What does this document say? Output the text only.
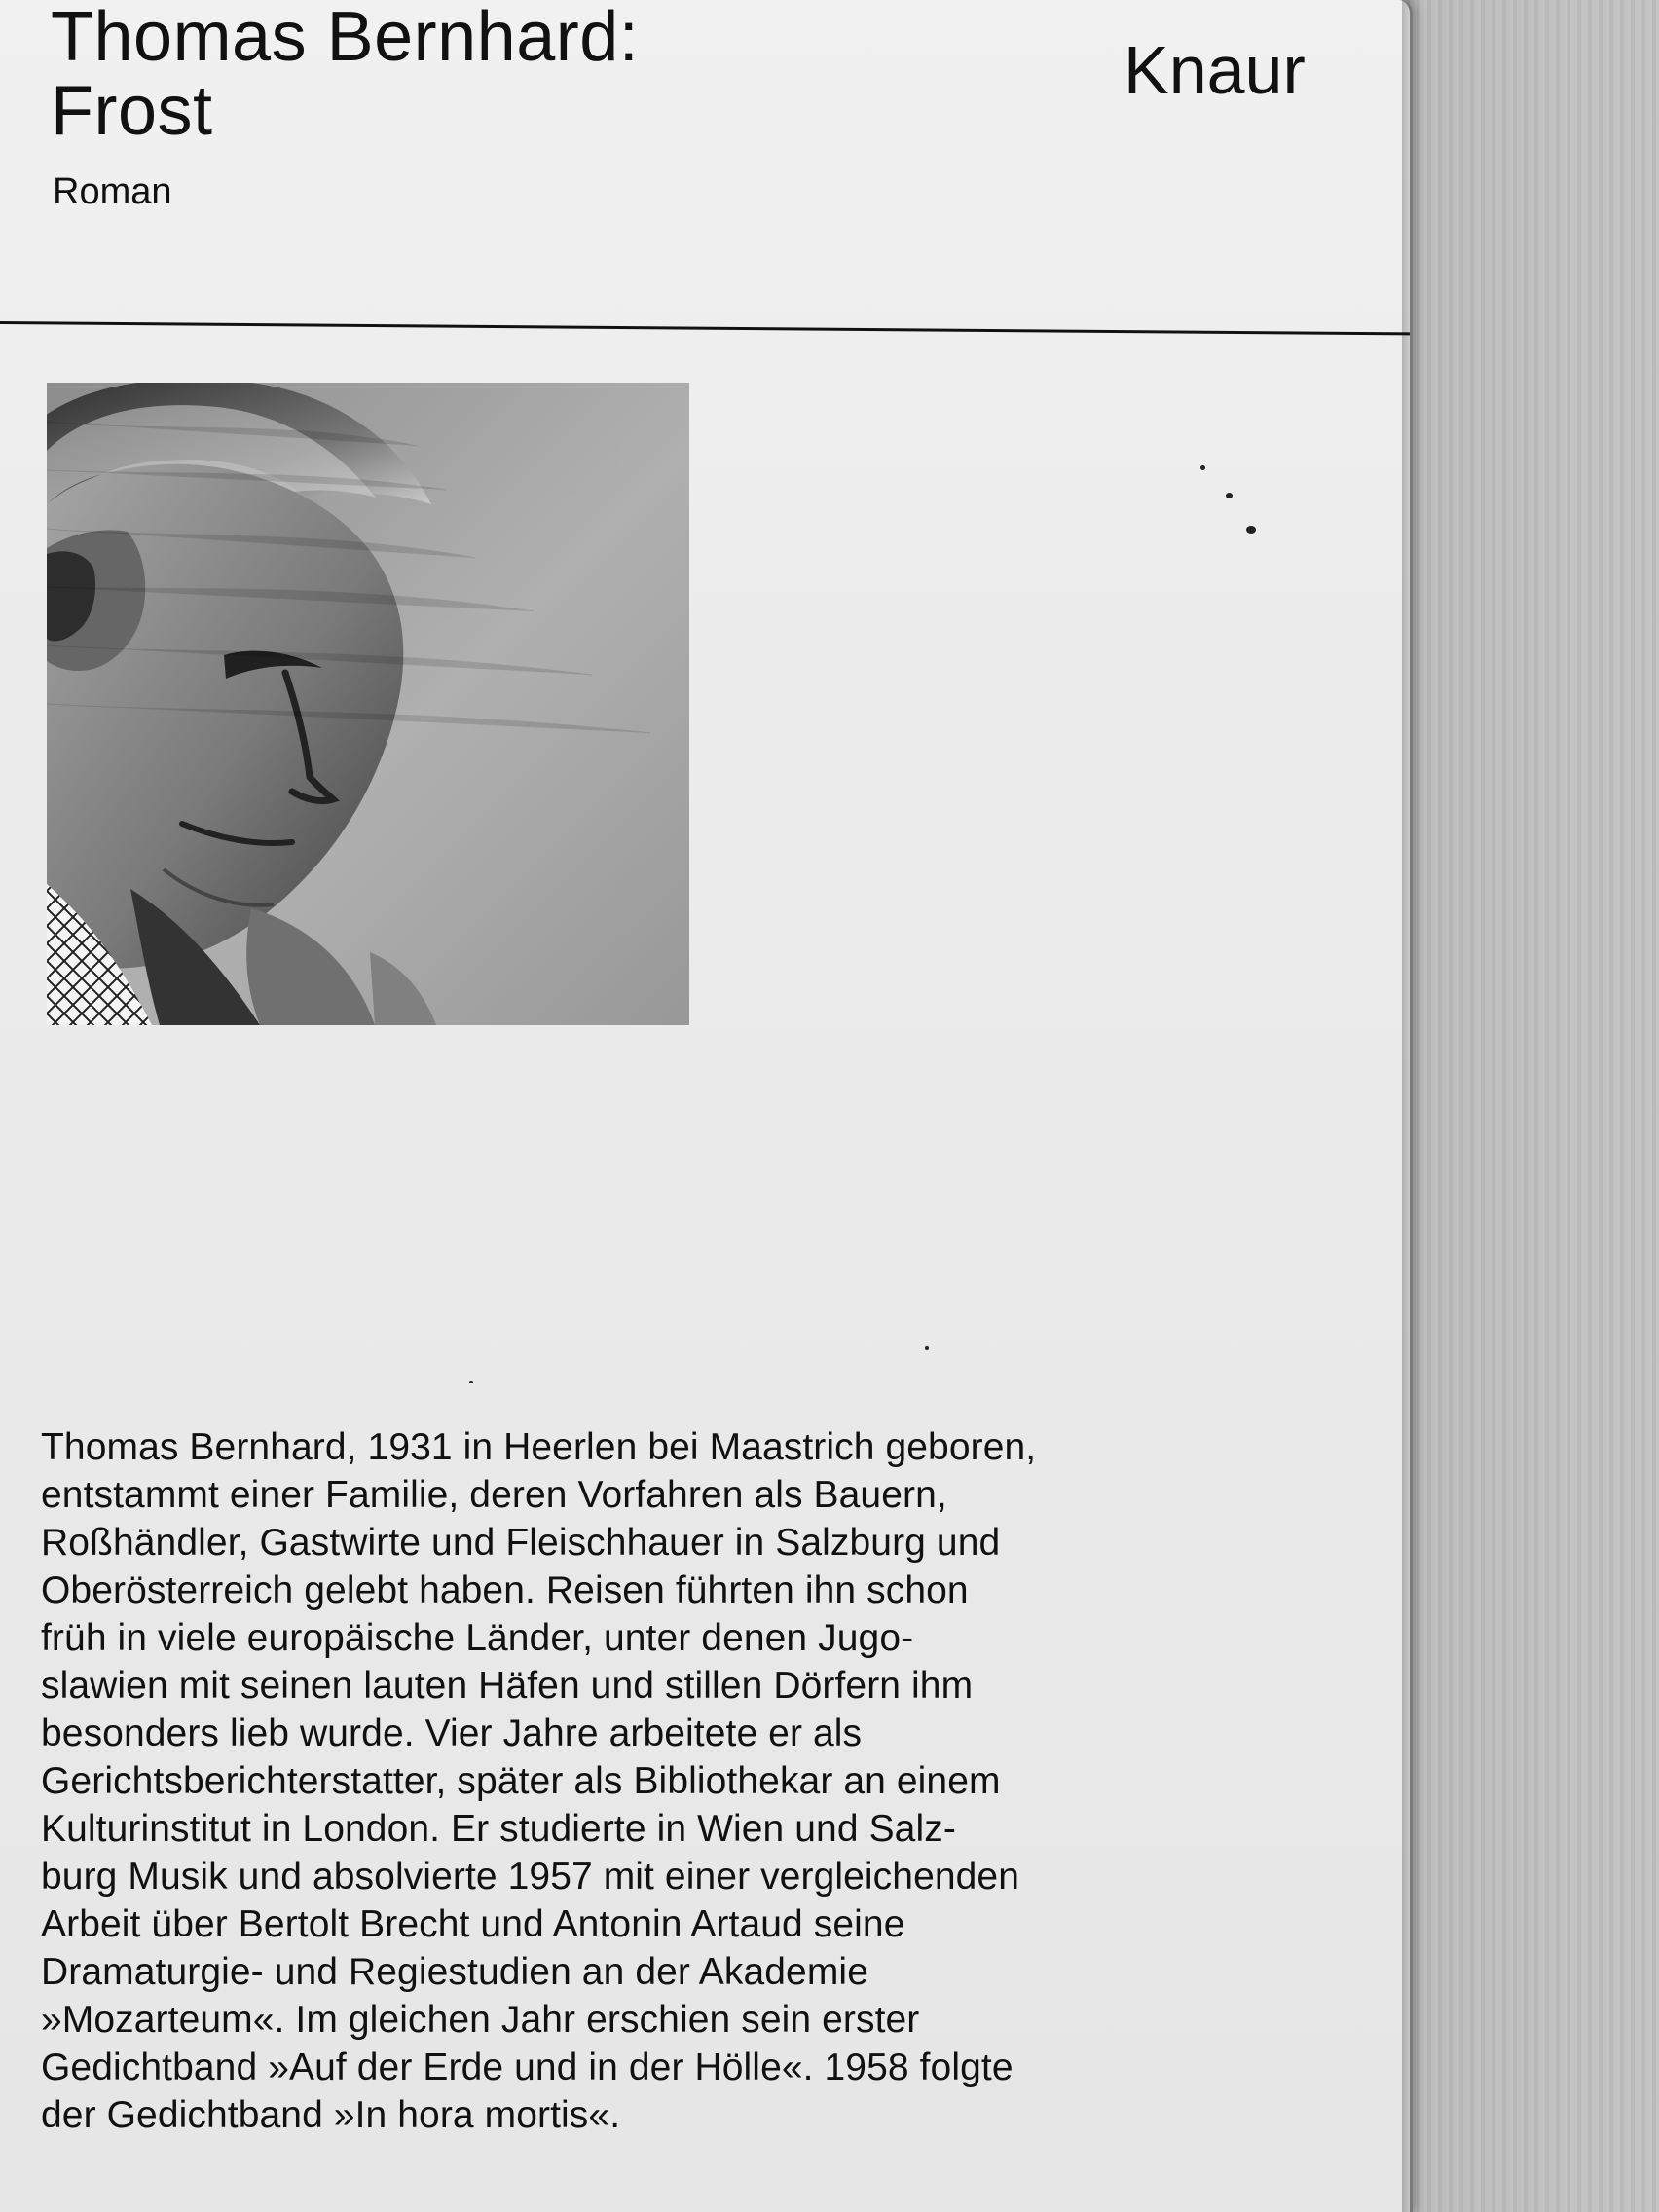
Thomas Bernhard:
Frost
Knaur
Roman
Thomas Bernhard, 1931 in Heerlen bei Maastrich geboren,
entstammt einer Familie, deren Vorfahren als Bauern,
Roßhändler, Gastwirte und Fleischhauer in Salzburg und
Oberösterreich gelebt haben. Reisen führten ihn schon
früh in viele europäische Länder, unter denen Jugo-
slawien mit seinen lauten Häfen und stillen Dörfern ihm
besonders lieb wurde. Vier Jahre arbeitete er als
Gerichtsberichterstatter, später als Bibliothekar an einem
Kulturinstitut in London. Er studierte in Wien und Salz-
burg Musik und absolvierte 1957 mit einer vergleichenden
Arbeit über Bertolt Brecht und Antonin Artaud seine
Dramaturgie- und Regiestudien an der Akademie
»Mozarteum«. Im gleichen Jahr erschien sein erster
Gedichtband »Auf der Erde und in der Hölle«. 1958 folgte
der Gedichtband »In hora mortis«.
